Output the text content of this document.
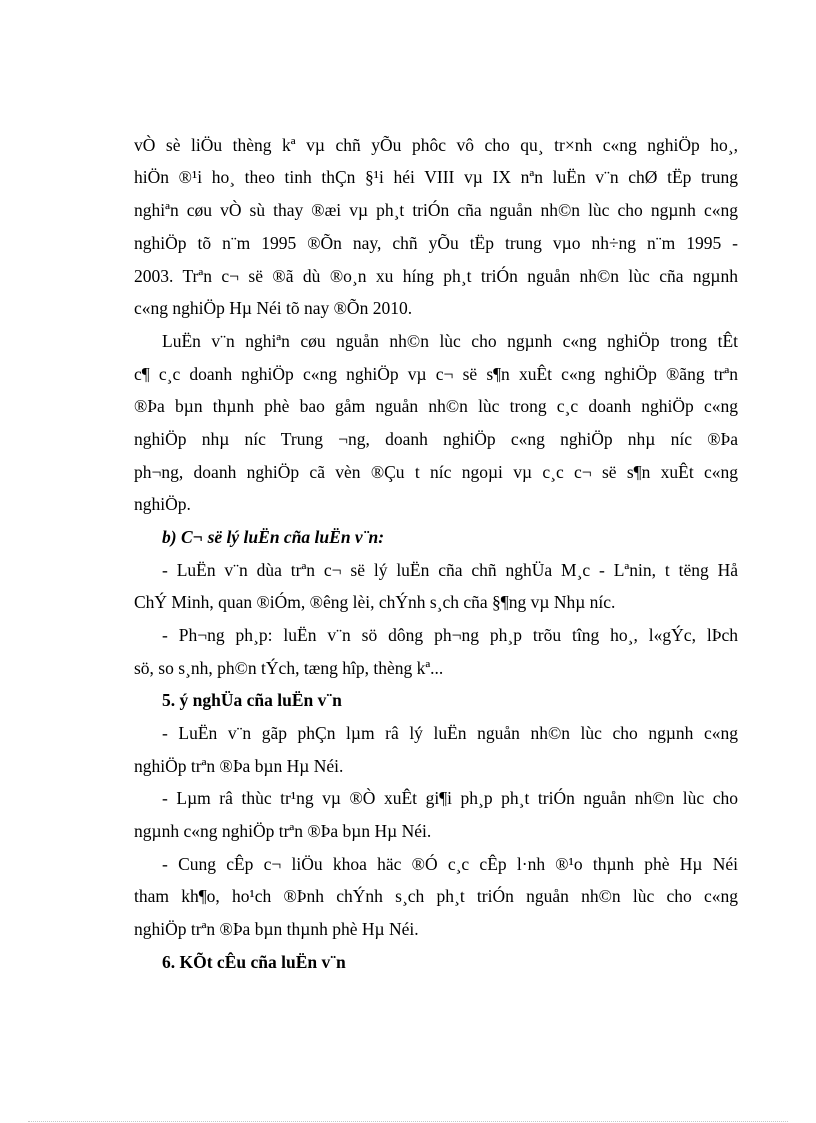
vÒ sè liÖu thèng kª vµ chñ yÕu phôc vô cho qu¸ tr×nh c«ng nghiÖp ho¸,
hiÖn ®¹i ho¸ theo tinh thÇn §¹i héi VIII vµ IX nªn luËn v¨n chØ tËp trung
nghiªn cøu vÒ sù thay ®æi vµ ph¸t triÓn cña nguån nh©n lùc cho ngµnh c«ng
nghiÖp tõ n¨m 1995 ®Õn nay, chñ yÕu tËp trung vµo nh÷ng n¨m 1995 -
2003. Trªn c¬ së ®ã dù ®o¸n xu híng ph¸t triÓn nguån nh©n lùc cña ngµnh
c«ng nghiÖp Hµ Néi tõ nay ®Õn 2010.
LuËn v¨n nghiªn cøu nguån nh©n lùc cho ngµnh c«ng nghiÖp trong tÊt
c¶ c¸c doanh nghiÖp c«ng nghiÖp vµ c¬ së s¶n xuÊt c«ng nghiÖp ®ãng trªn
®Þa bµn thµnh phè bao gåm nguån nh©n lùc trong c¸c doanh nghiÖp c«ng
nghiÖp nhµ níc Trung ¬ng, doanh nghiÖp c«ng nghiÖp nhµ níc ®Þa
ph¬ng, doanh nghiÖp cã vèn ®Çu t níc ngoµi vµ c¸c c¬ së s¶n xuÊt c«ng
nghiÖp.
b) C¬ së lý luËn cña luËn v¨n:
- LuËn v¨n dùa trªn c¬ së lý luËn cña chñ nghÜa M¸c - Lªnin, t tëng Hå
ChÝ Minh, quan ®iÓm, ®êng lèi, chÝnh s¸ch cña §¶ng vµ Nhµ níc.
- Ph¬ng ph¸p: luËn v¨n sö dông ph¬ng ph¸p trõu tîng ho¸, l«gÝc, lÞch
sö, so s¸nh, ph©n tÝch, tæng hîp, thèng kª...
5. ý nghÜa cña luËn v¨n
- LuËn v¨n gãp phÇn lµm râ lý luËn nguån nh©n lùc cho ngµnh c«ng
nghiÖp trªn ®Þa bµn Hµ Néi.
- Lµm râ thùc tr¹ng vµ ®Ò xuÊt gi¶i ph¸p ph¸t triÓn nguån nh©n lùc cho
ngµnh c«ng nghiÖp trªn ®Þa bµn Hµ Néi.
- Cung cÊp c¬ liÖu khoa häc ®Ó c¸c cÊp l·nh ®¹o thµnh phè Hµ Néi
tham kh¶o, ho¹ch ®Þnh chÝnh s¸ch ph¸t triÓn nguån nh©n lùc cho c«ng
nghiÖp trªn ®Þa bµn thµnh phè Hµ Néi.
6. KÕt cÊu cña luËn v¨n
